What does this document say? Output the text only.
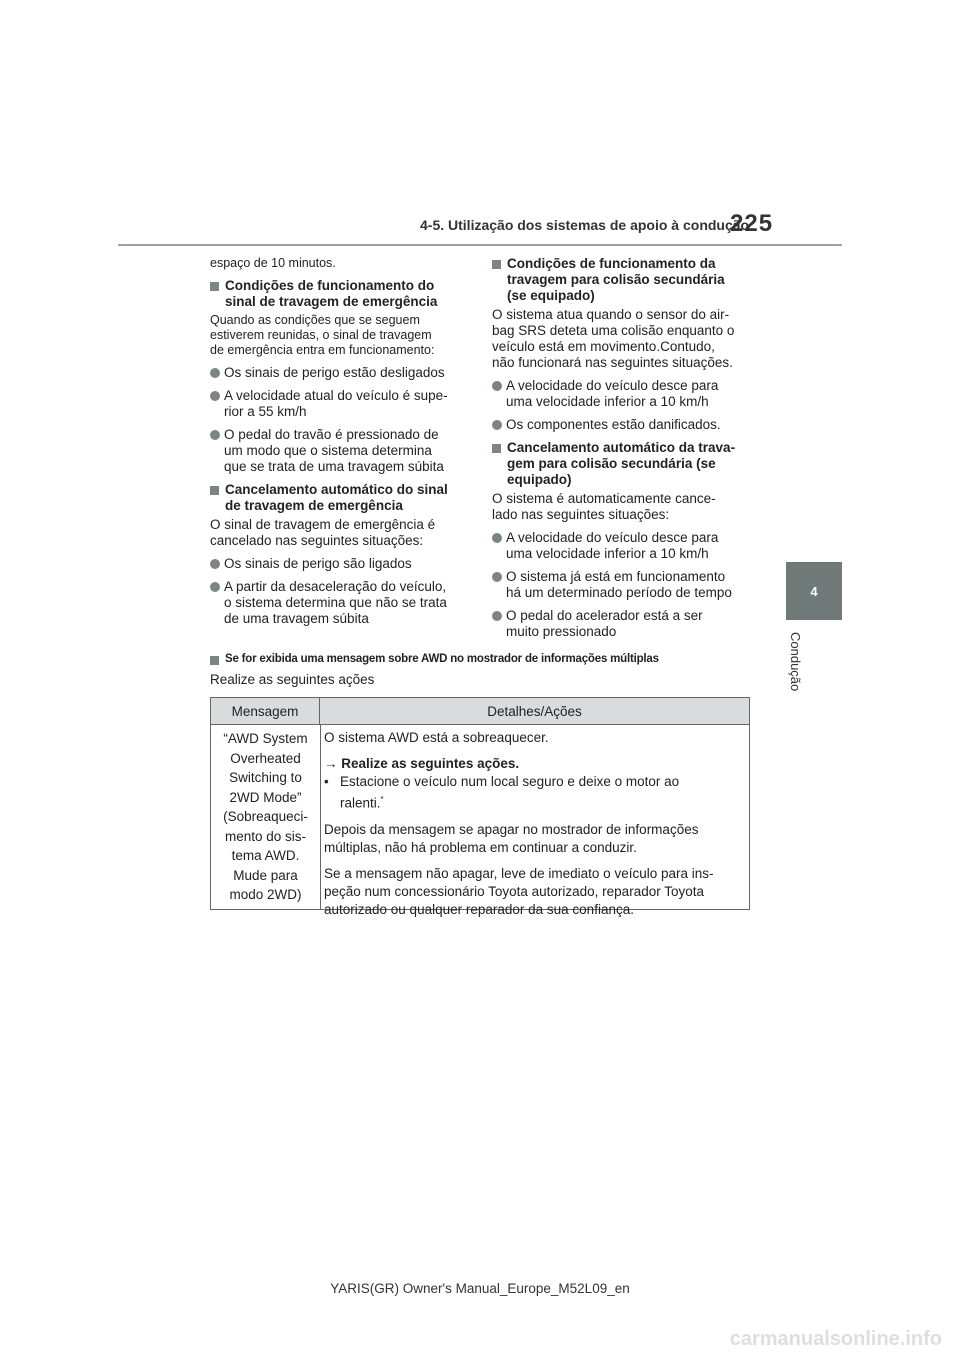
4-5. Utilização dos sistemas de apoio à condução
225
4
Condução
espaço de 10 minutos.
Condições de funcionamento do
sinal de travagem de emergência
Quando as condições que se seguem
estiverem reunidas, o sinal de travagem
de emergência entra em funcionamento:
Os sinais de perigo estão desligados
A velocidade atual do veículo é supe-
rior a 55 km/h
O pedal do travão é pressionado de
um modo que o sistema determina
que se trata de uma travagem súbita
Cancelamento automático do sinal
de travagem de emergência
O sinal de travagem de emergência é
cancelado nas seguintes situações:
Os sinais de perigo são ligados
A partir da desaceleração do veículo,
o sistema determina que não se trata
de uma travagem súbita
Condições de funcionamento da
travagem para colisão secundária
(se equipado)
O sistema atua quando o sensor do air-
bag SRS deteta uma colisão enquanto o
veículo está em movimento.Contudo,
não funcionará nas seguintes situações.
A velocidade do veículo desce para
uma velocidade inferior a 10 km/h
Os componentes estão danificados.
Cancelamento automático da trava-
gem para colisão secundária (se
equipado)
O sistema é automaticamente cance-
lado nas seguintes situações:
A velocidade do veículo desce para
uma velocidade inferior a 10 km/h
O sistema já está em funcionamento
há um determinado período de tempo
O pedal do acelerador está a ser
muito pressionado
Se for exibida uma mensagem sobre AWD no mostrador de informações múltiplas
Realize as seguintes ações
Mensagem	Detalhes/Ações
“AWD System
Overheated
Switching to
2WD Mode”
(Sobreaqueci-
mento do sis-
tema AWD.
Mude para
modo 2WD)

O sistema AWD está a sobreaquecer.

→ Realize as seguintes ações.

• Estacione o veículo num local seguro e deixe o motor ao
ralenti.*

Depois da mensagem se apagar no mostrador de informações
múltiplas, não há problema em continuar a conduzir.

Se a mensagem não apagar, leve de imediato o veículo para ins-
peção num concessionário Toyota autorizado, reparador Toyota
autorizado ou qualquer reparador da sua confiança.

YARIS(GR) Owner's Manual_Europe_M52L09_en
carmanualsonline.info
